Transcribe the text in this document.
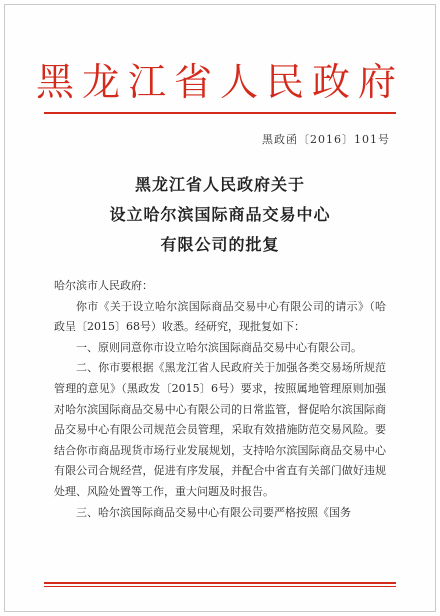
黑龙江省人民政府
黑政函〔2016〕101号
黑龙江省人民政府关于
设立哈尔滨国际商品交易中心
有限公司的批复

哈尔滨市人民政府：

你市《关于设立哈尔滨国际商品交易中心有限公司的请示》（哈政呈〔2015〕68号）收悉。经研究，现批复如下：

一、原则同意你市设立哈尔滨国际商品交易中心有限公司。

二、你市要根据《黑龙江省人民政府关于加强各类交易场所规范管理的意见》（黑政发〔2015〕6号）要求，按照属地管理原则加强对哈尔滨国际商品交易中心有限公司的日常监管，督促哈尔滨国际商品交易中心有限公司规范会员管理，采取有效措施防范交易风险。要结合你市商品现货市场行业发展规划，支持哈尔滨国际商品交易中心有限公司合规经营，促进有序发展，并配合中省直有关部门做好违规处理、风险处置等工作，重大问题及时报告。

三、哈尔滨国际商品交易中心有限公司要严格按照《国务
